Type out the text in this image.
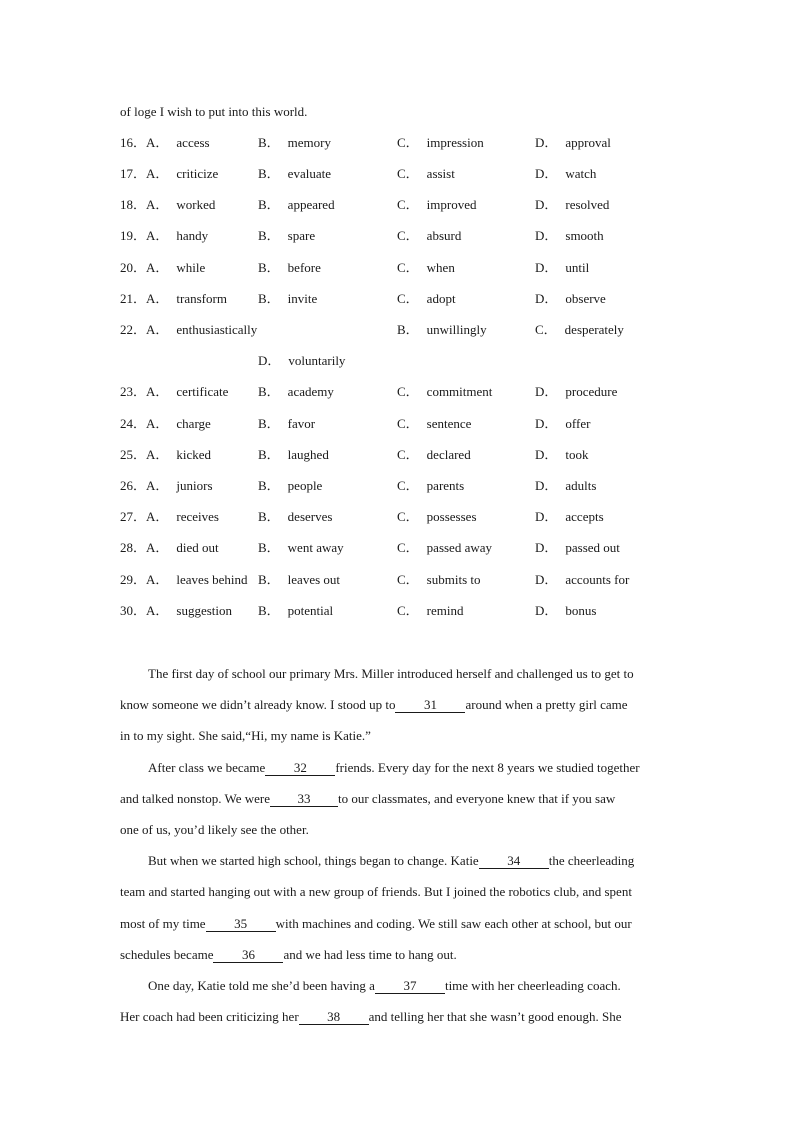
of loge I wish to put into this world.
16．A． access	B． memory	C． impression	D． approval
17．A． criticize	B． evaluate	C． assist	D． watch
18．A． worked	B． appeared	C． improved	D． resolved
19．A． handy	B． spare	C． absurd	D． smooth
20．A． while	B． before	C． when	D． until
21．A． transform B． invite	C． adopt	D． observe
22．A． enthusiastically	B． unwillingly	C． desperately
D． voluntarily
23．A． certificate B． academy	C． commitment	D． procedure
24．A． charge	B． favor	C． sentence	D． offer
25．A． kicked	B． laughed	C． declared	D． took
26．A． juniors	B． people	C． parents	D． adults
27．A． receives	B． deserves	C． possesses	D． accepts
28．A． died out	B． went away	C． passed away	D． passed out
29．A． leaves behind B． leaves out	C． submits to	D． accounts for
30．A． suggestion B． potential	C． remind	D． bonus
The first day of school our primary Mrs. Miller introduced herself and challenged us to get to
know someone we didn’t already know. I stood up to 31 around when a pretty girl came
in to my sight. She said,“Hi, my name is Katie.”
After class we became 32 friends. Every day for the next 8 years we studied together
and talked nonstop. We were 33 to our classmates, and everyone knew that if you saw
one of us, you’d likely see the other.
But when we started high school, things began to change. Katie 34 the cheerleading
team and started hanging out with a new group of friends. But I joined the robotics club, and spent
most of my time 35 with machines and coding. We still saw each other at school, but our
schedules became 36 and we had less time to hang out.
One day, Katie told me she’d been having a 37 time with her cheerleading coach.
Her coach had been criticizing her 38 and telling her that she wasn’t good enough. She
